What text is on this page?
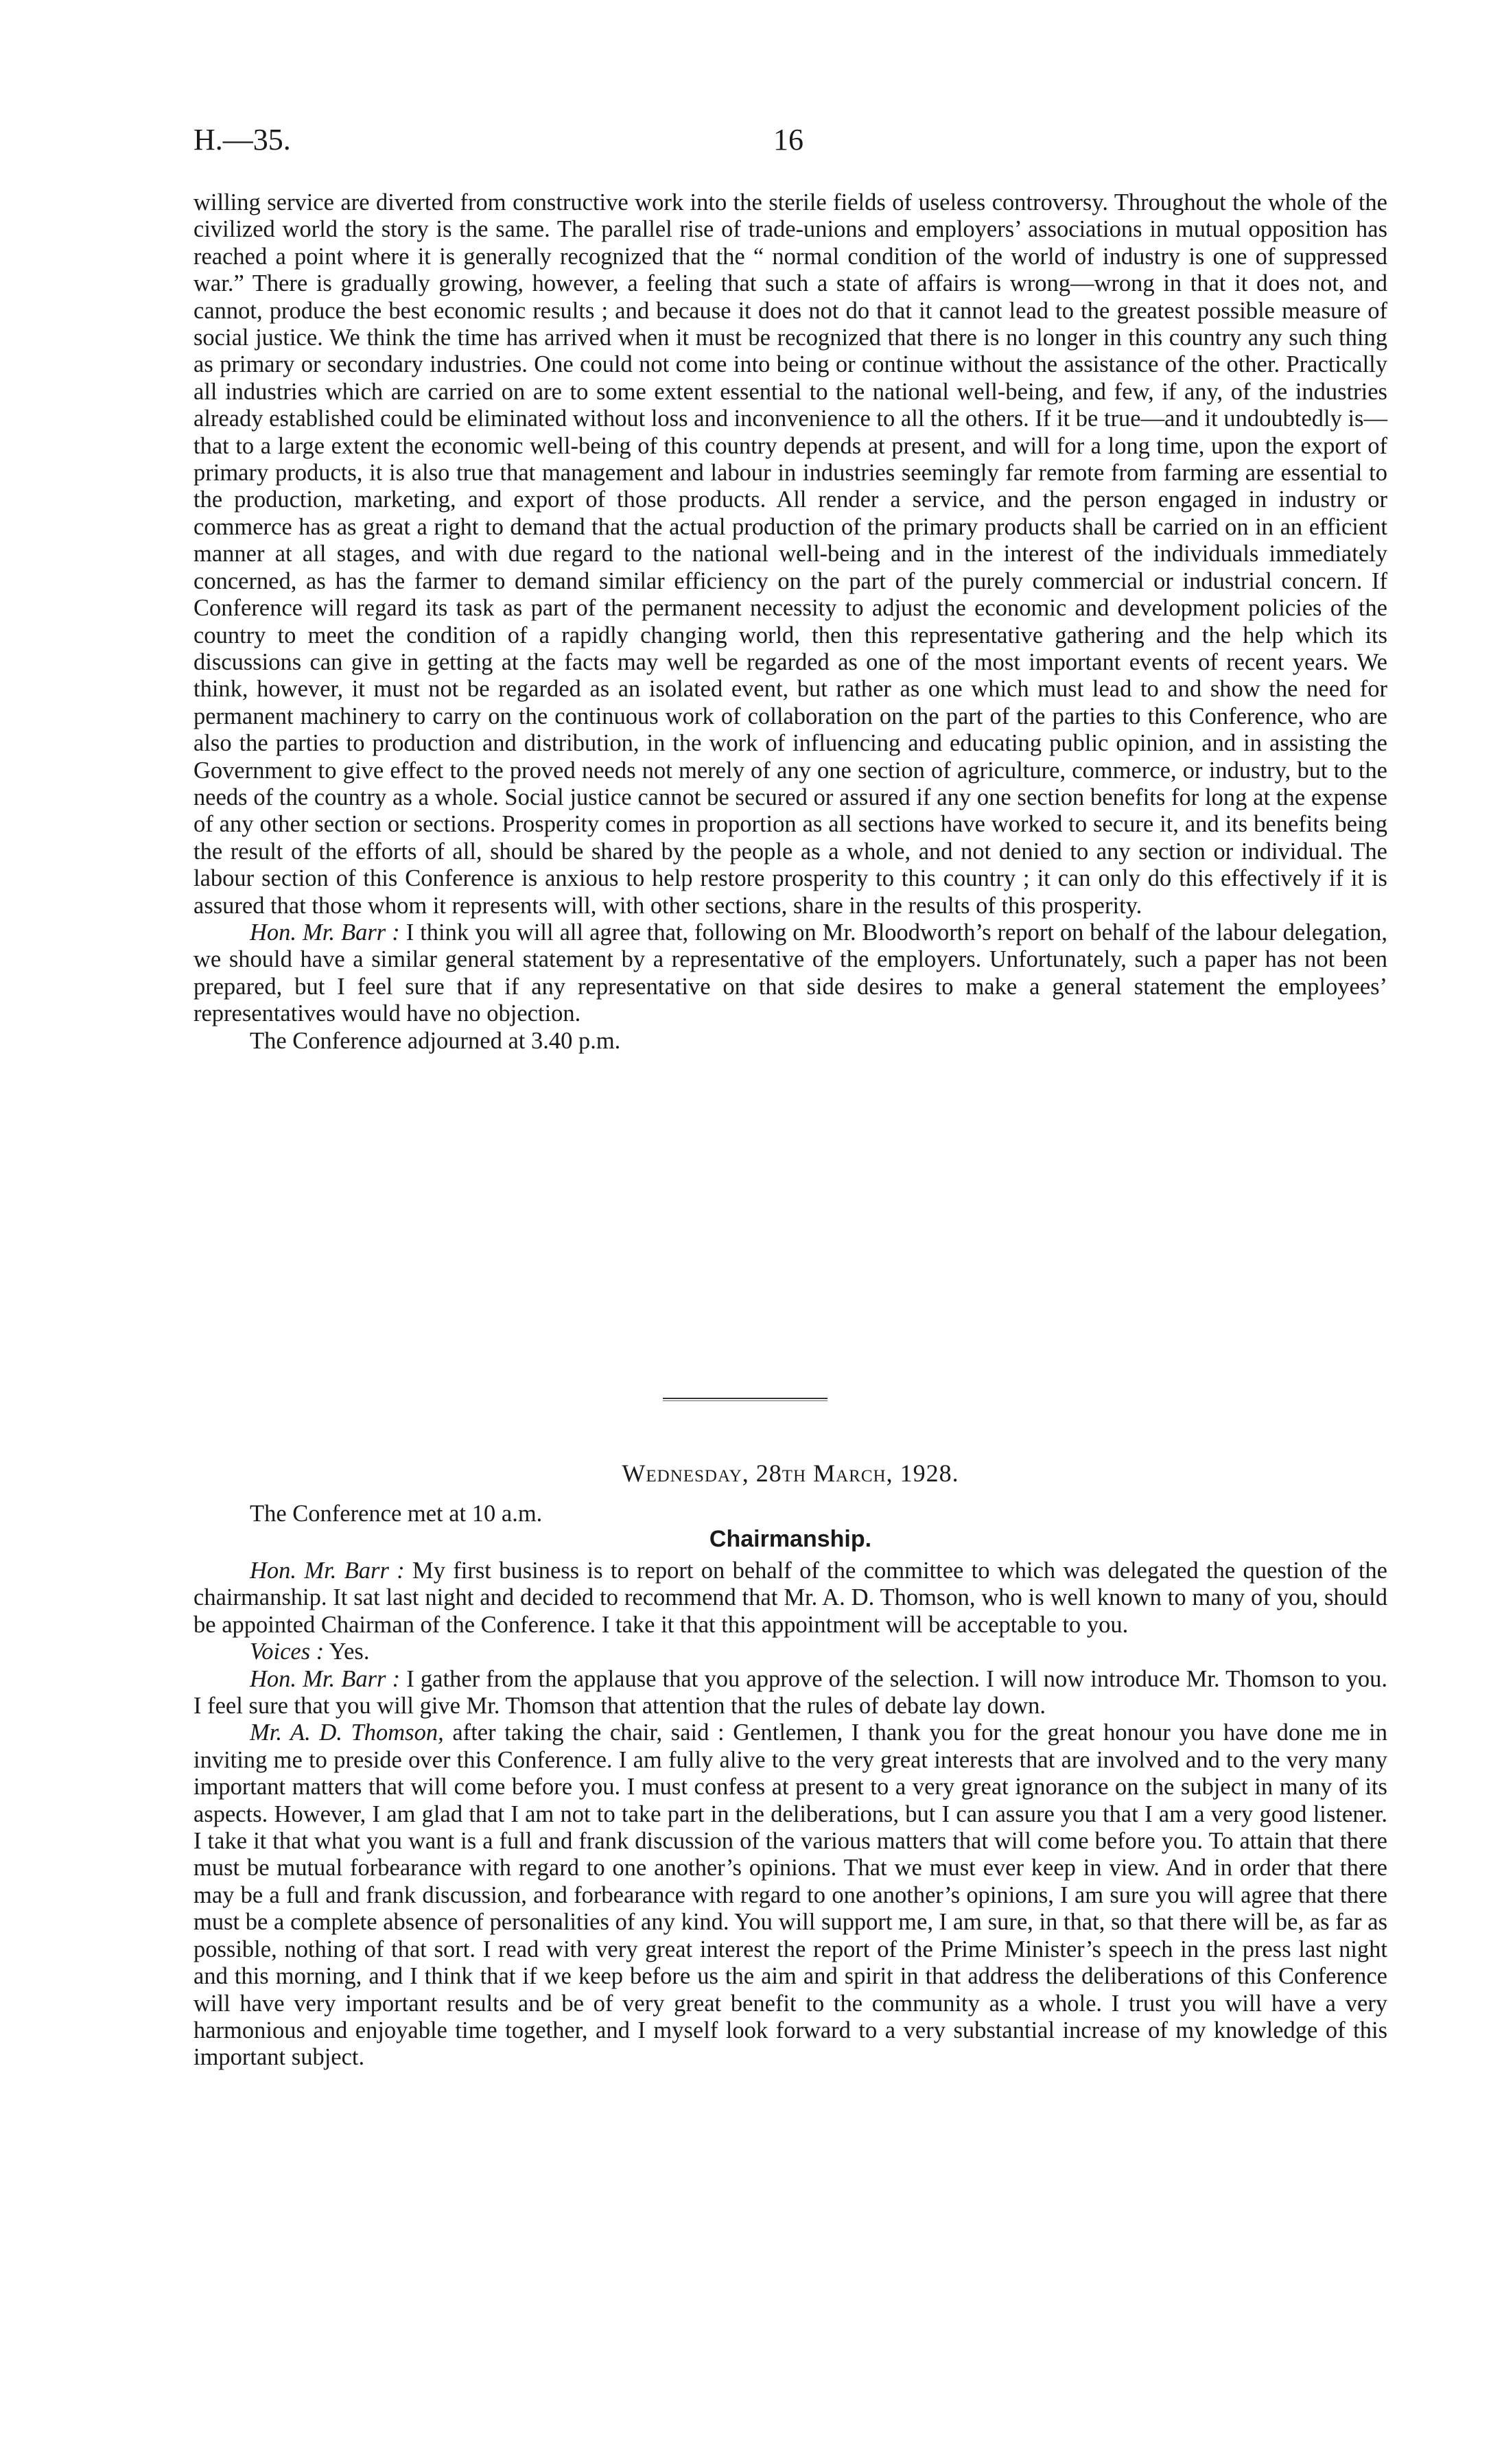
H.—35.	16

willing service are diverted from constructive work into the sterile fields of useless controversy. Throughout the whole of the civilized world the story is the same. The parallel rise of trade-unions and employers’ associations in mutual opposition has reached a point where it is generally recognized that the “ normal condition of the world of industry is one of suppressed war.” There is gradually growing, however, a feeling that such a state of affairs is wrong—wrong in that it does not, and cannot, produce the best economic results ; and because it does not do that it cannot lead to the greatest possible measure of social justice. We think the time has arrived when it must be recognized that there is no longer in this country any such thing as primary or secondary industries. One could not come into being or continue without the assistance of the other. Practically all industries which are carried on are to some extent essential to the national well-being, and few, if any, of the industries already established could be eliminated without loss and inconvenience to all the others. If it be true—and it undoubtedly is—that to a large extent the economic well-being of this country depends at present, and will for a long time, upon the export of primary products, it is also true that management and labour in industries seemingly far remote from farming are essential to the production, marketing, and export of those products. All render a service, and the person engaged in industry or commerce has as great a right to demand that the actual production of the primary products shall be carried on in an efficient manner at all stages, and with due regard to the national well-being and in the interest of the individuals immediately concerned, as has the farmer to demand similar efficiency on the part of the purely commercial or industrial concern. If Conference will regard its task as part of the permanent necessity to adjust the economic and development policies of the country to meet the condition of a rapidly changing world, then this representative gathering and the help which its discussions can give in getting at the facts may well be regarded as one of the most important events of recent years. We think, however, it must not be regarded as an isolated event, but rather as one which must lead to and show the need for permanent machinery to carry on the continuous work of collaboration on the part of the parties to this Conference, who are also the parties to production and distribution, in the work of influencing and educating public opinion, and in assisting the Government to give effect to the proved needs not merely of any one section of agriculture, commerce, or industry, but to the needs of the country as a whole. Social justice cannot be secured or assured if any one section benefits for long at the expense of any other section or sections. Prosperity comes in proportion as all sections have worked to secure it, and its benefits being the result of the efforts of all, should be shared by the people as a whole, and not denied to any section or individual. The labour section of this Conference is anxious to help restore prosperity to this country ; it can only do this effectively if it is assured that those whom it represents will, with other sections, share in the results of this prosperity.

Hon. Mr. Barr : I think you will all agree that, following on Mr. Bloodworth’s report on behalf of the labour delegation, we should have a similar general statement by a representative of the employers. Unfortunately, such a paper has not been prepared, but I feel sure that if any representative on that side desires to make a general statement the employees’ representatives would have no objection.

The Conference adjourned at 3.40 p.m.

Wednesday, 28th March, 1928.
The Conference met at 10 a.m.
Chairmanship.

Hon. Mr. Barr : My first business is to report on behalf of the committee to which was delegated the question of the chairmanship. It sat last night and decided to recommend that Mr. A. D. Thomson, who is well known to many of you, should be appointed Chairman of the Conference. I take it that this appointment will be acceptable to you.

Voices : Yes.

Hon. Mr. Barr : I gather from the applause that you approve of the selection. I will now introduce Mr. Thomson to you. I feel sure that you will give Mr. Thomson that attention that the rules of debate lay down.

Mr. A. D. Thomson, after taking the chair, said : Gentlemen, I thank you for the great honour you have done me in inviting me to preside over this Conference. I am fully alive to the very great interests that are involved and to the very many important matters that will come before you. I must confess at present to a very great ignorance on the subject in many of its aspects. However, I am glad that I am not to take part in the deliberations, but I can assure you that I am a very good listener. I take it that what you want is a full and frank discussion of the various matters that will come before you. To attain that there must be mutual forbearance with regard to one another’s opinions. That we must ever keep in view. And in order that there may be a full and frank discussion, and forbearance with regard to one another’s opinions, I am sure you will agree that there must be a complete absence of personalities of any kind. You will support me, I am sure, in that, so that there will be, as far as possible, nothing of that sort. I read with very great interest the report of the Prime Minister’s speech in the press last night and this morning, and I think that if we keep before us the aim and spirit in that address the deliberations of this Conference will have very important results and be of very great benefit to the community as a whole. I trust you will have a very harmonious and enjoyable time together, and I myself look forward to a very substantial increase of my knowledge of this important subject.
